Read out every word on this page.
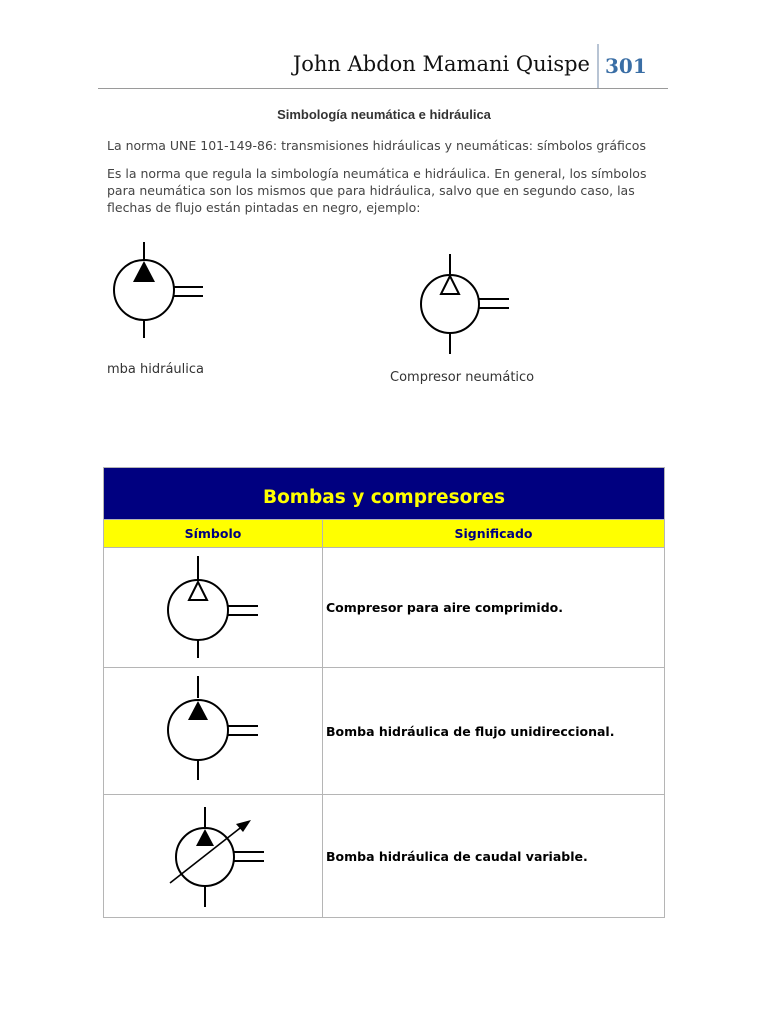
John Abdon Mamani Quispe 301
Simbología neumática e hidráulica
La norma UNE 101-149-86: transmisiones hidráulicas y neumáticas: símbolos gráficos
Es la norma que regula la simbología neumática e hidráulica. En general, los símbolos para neumática son los mismos que para hidráulica, salvo que en segundo caso, las flechas de flujo están pintadas en negro, ejemplo:
mba hidráulica
Compresor neumático
Bombas y compresores
Símbolo	Significado
Compresor para aire comprimido.
Bomba hidráulica de flujo unidireccional.
Bomba hidráulica de caudal variable.
